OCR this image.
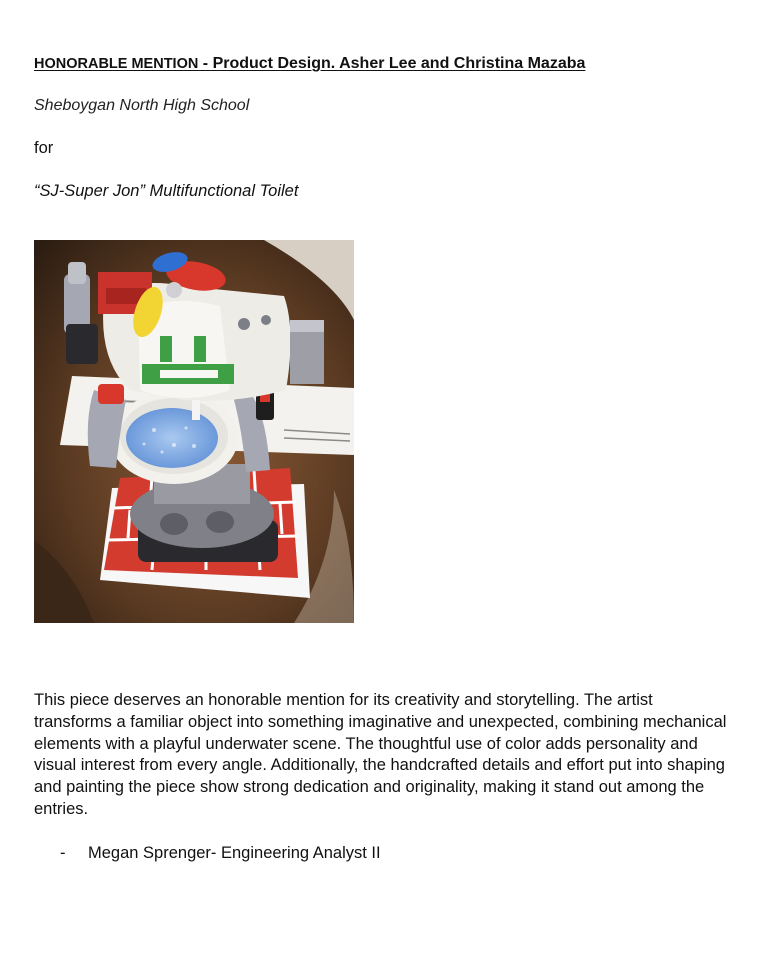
HONORABLE MENTION - Product Design. Asher Lee and Christina Mazaba
Sheboygan North High School
for
“SJ-Super Jon” Multifunctional Toilet
This piece deserves an honorable mention for its creativity and storytelling. The artist transforms a familiar object into something imaginative and unexpected, combining mechanical elements with a playful underwater scene. The thoughtful use of color adds personality and visual interest from every angle. Additionally, the handcrafted details and effort put into shaping and painting the piece show strong dedication and originality, making it stand out among the entries.
- Megan Sprenger- Engineering Analyst II
